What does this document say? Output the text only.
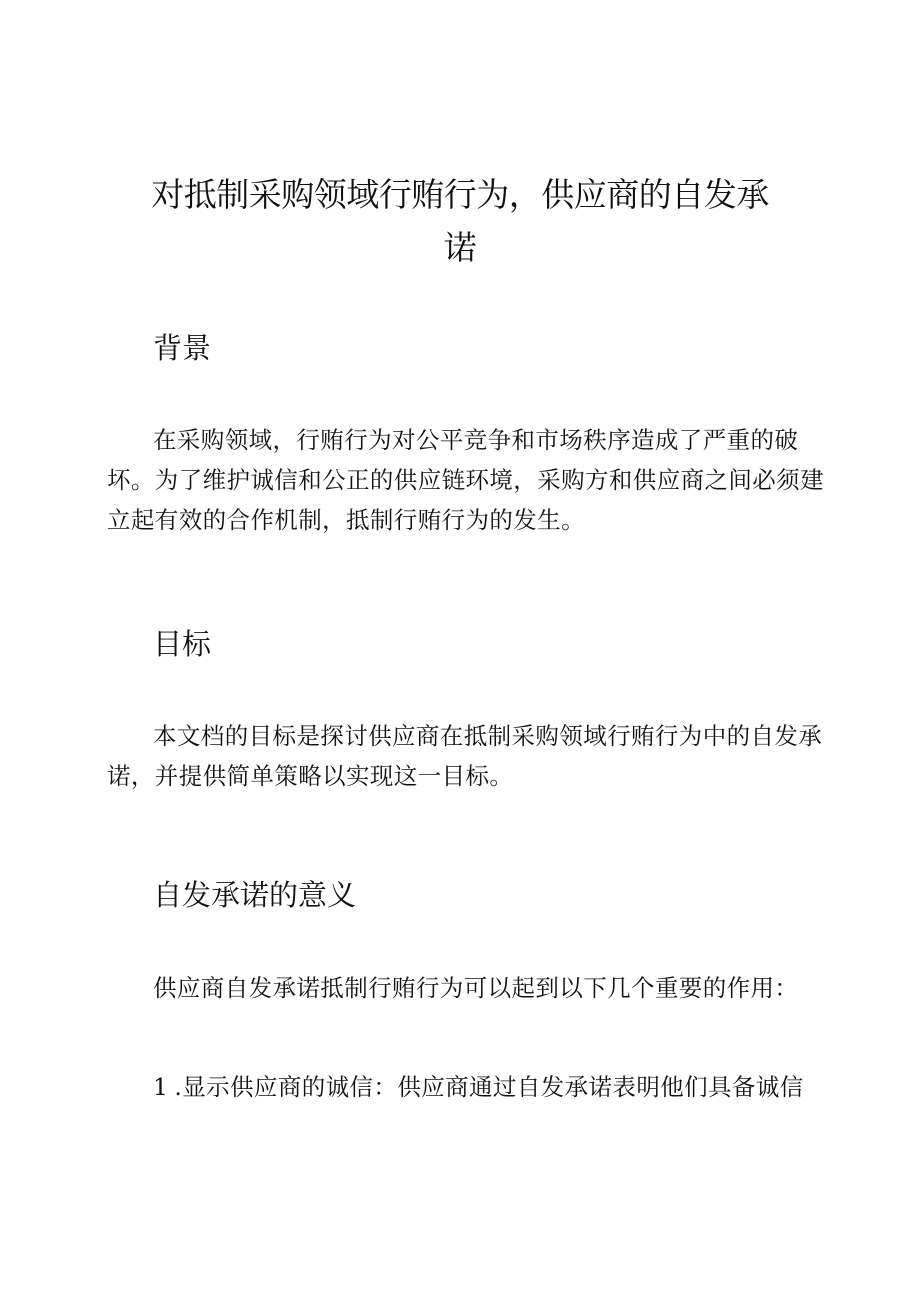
对抵制采购领域行贿行为，供应商的自发承诺
背景

在采购领域，行贿行为对公平竞争和市场秩序造成了严重的破坏。为了维护诚信和公正的供应链环境，采购方和供应商之间必须建立起有效的合作机制，抵制行贿行为的发生。

目标

本文档的目标是探讨供应商在抵制采购领域行贿行为中的自发承诺，并提供简单策略以实现这一目标。

自发承诺的意义

供应商自发承诺抵制行贿行为可以起到以下几个重要的作用：

1 .显示供应商的诚信：供应商通过自发承诺表明他们具备诚信
